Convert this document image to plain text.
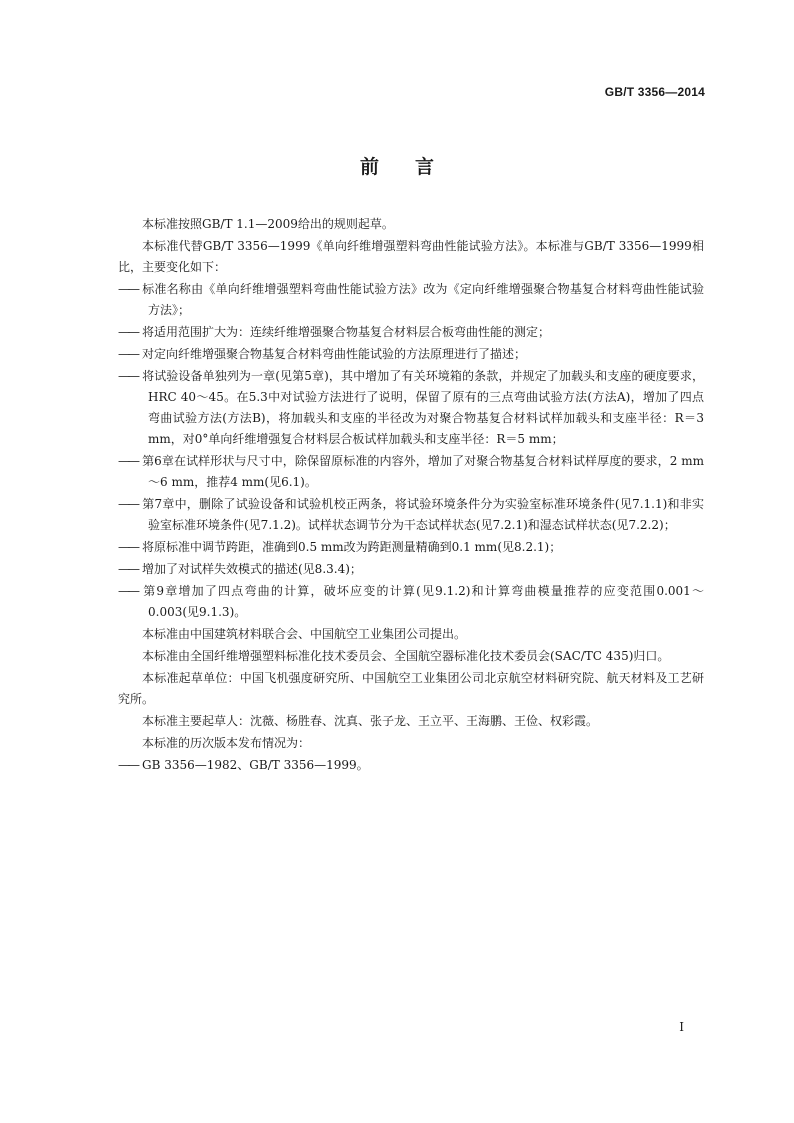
GB/T 3356—2014
前言

本标准按照GB/T 1.1—2009给出的规则起草。

本标准代替GB/T 3356—1999《单向纤维增强塑料弯曲性能试验方法》。本标准与GB/T 3356—1999相比，主要变化如下：

—— 标准名称由《单向纤维增强塑料弯曲性能试验方法》改为《定向纤维增强聚合物基复合材料弯曲性能试验方法》；

—— 将适用范围扩大为：连续纤维增强聚合物基复合材料层合板弯曲性能的测定；

—— 对定向纤维增强聚合物基复合材料弯曲性能试验的方法原理进行了描述；

—— 将试验设备单独列为一章(见第5章)，其中增加了有关环境箱的条款，并规定了加载头和支座的硬度要求，HRC 40～45。在5.3中对试验方法进行了说明，保留了原有的三点弯曲试验方法(方法A)，增加了四点弯曲试验方法(方法B)，将加载头和支座的半径改为对聚合物基复合材料试样加载头和支座半径：R＝3 mm，对0°单向纤维增强复合材料层合板试样加载头和支座半径：R＝5 mm；

—— 第6章在试样形状与尺寸中，除保留原标准的内容外，增加了对聚合物基复合材料试样厚度的要求，2 mm～6 mm，推荐4 mm(见6.1)。

—— 第7章中，删除了试验设备和试验机校正两条，将试验环境条件分为实验室标准环境条件(见7.1.1)和非实验室标准环境条件(见7.1.2)。试样状态调节分为干态试样状态(见7.2.1)和湿态试样状态(见7.2.2)；

—— 将原标准中调节跨距，准确到0.5 mm改为跨距测量精确到0.1 mm(见8.2.1)；

—— 增加了对试样失效模式的描述(见8.3.4)；

—— 第9章增加了四点弯曲的计算，破坏应变的计算(见9.1.2)和计算弯曲模量推荐的应变范围0.001～0.003(见9.1.3)。

本标准由中国建筑材料联合会、中国航空工业集团公司提出。

本标准由全国纤维增强塑料标准化技术委员会、全国航空器标准化技术委员会(SAC/TC 435)归口。

本标准起草单位：中国飞机强度研究所、中国航空工业集团公司北京航空材料研究院、航天材料及工艺研究所。

本标准主要起草人：沈薇、杨胜春、沈真、张子龙、王立平、王海鹏、王俭、权彩霞。

本标准的历次版本发布情况为：

—— GB 3356—1982、GB/T 3356—1999。

I
